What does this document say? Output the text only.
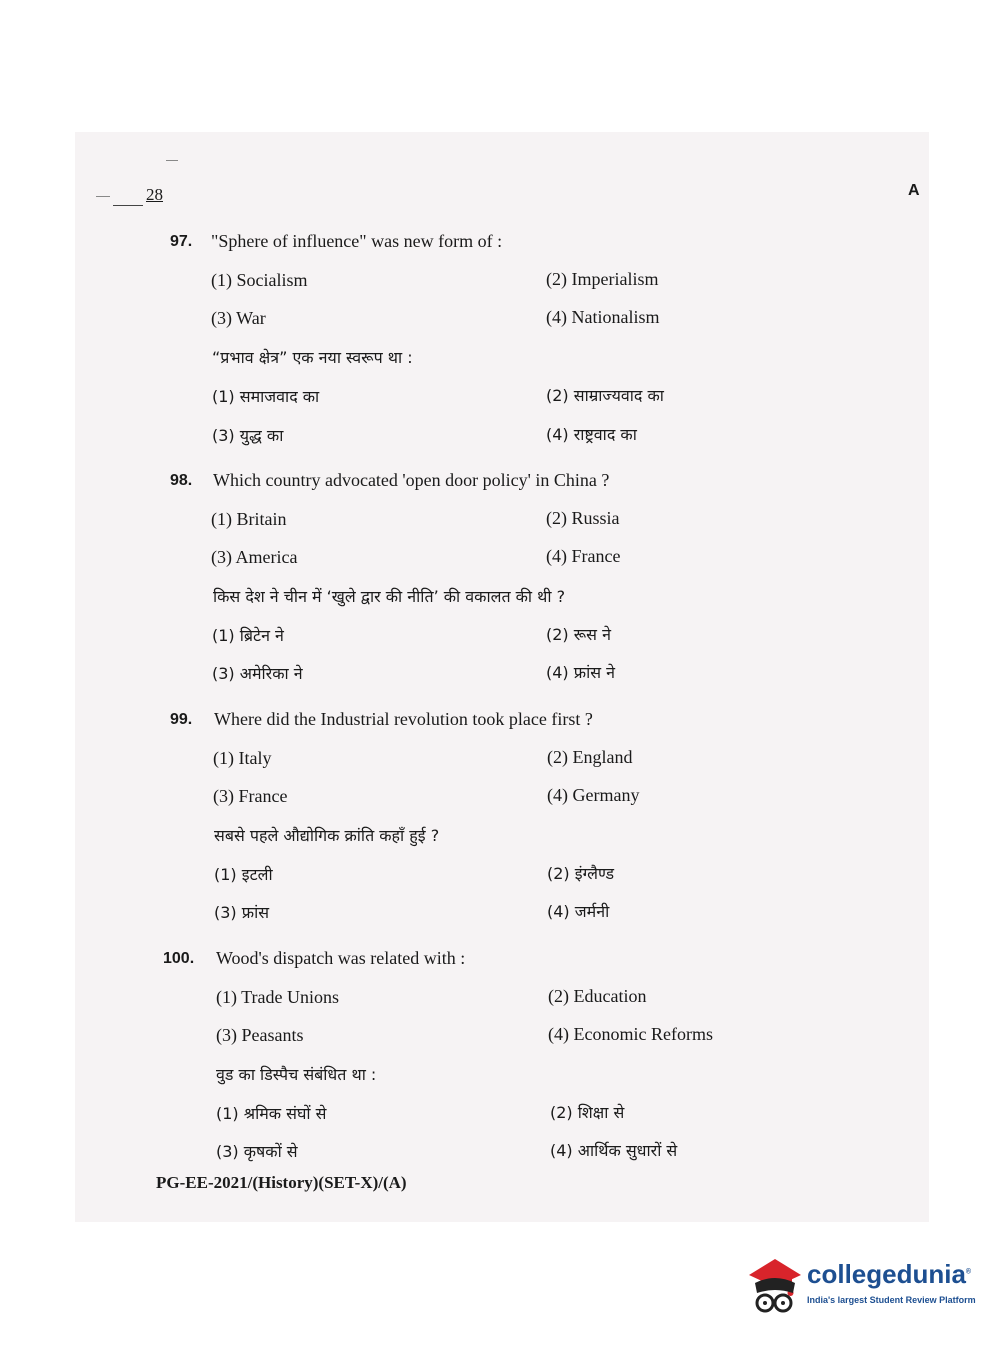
28	A
97. "Sphere of influence" was new form of :
(1) Socialism	(2) Imperialism
(3) War	(4) Nationalism
“प्रभाव क्षेत्र” एक नया स्वरूप था :
(1) समाजवाद का	(2) साम्राज्यवाद का
(3) युद्ध का	(4) राष्ट्रवाद का
98. Which country advocated 'open door policy' in China ?
(1) Britain	(2) Russia
(3) America	(4) France
किस देश ने चीन में ‘खुले द्वार की नीति’ की वकालत की थी ?
(1) ब्रिटेन ने	(2) रूस ने
(3) अमेरिका ने	(4) फ्रांस ने
99. Where did the Industrial revolution took place first ?
(1) Italy	(2) England
(3) France	(4) Germany
सबसे पहले औद्योगिक क्रांति कहाँ हुई ?
(1) इटली	(2) इंग्लैण्ड
(3) फ्रांस	(4) जर्मनी
100. Wood's dispatch was related with :
(1) Trade Unions	(2) Education
(3) Peasants	(4) Economic Reforms
वुड का डिस्पैच संबंधित था :
(1) श्रमिक संघों से	(2) शिक्षा से
(3) कृषकों से	(4) आर्थिक सुधारों से
PG-EE-2021/(History)(SET-X)/(A)
collegedunia®
India's largest Student Review Platform
